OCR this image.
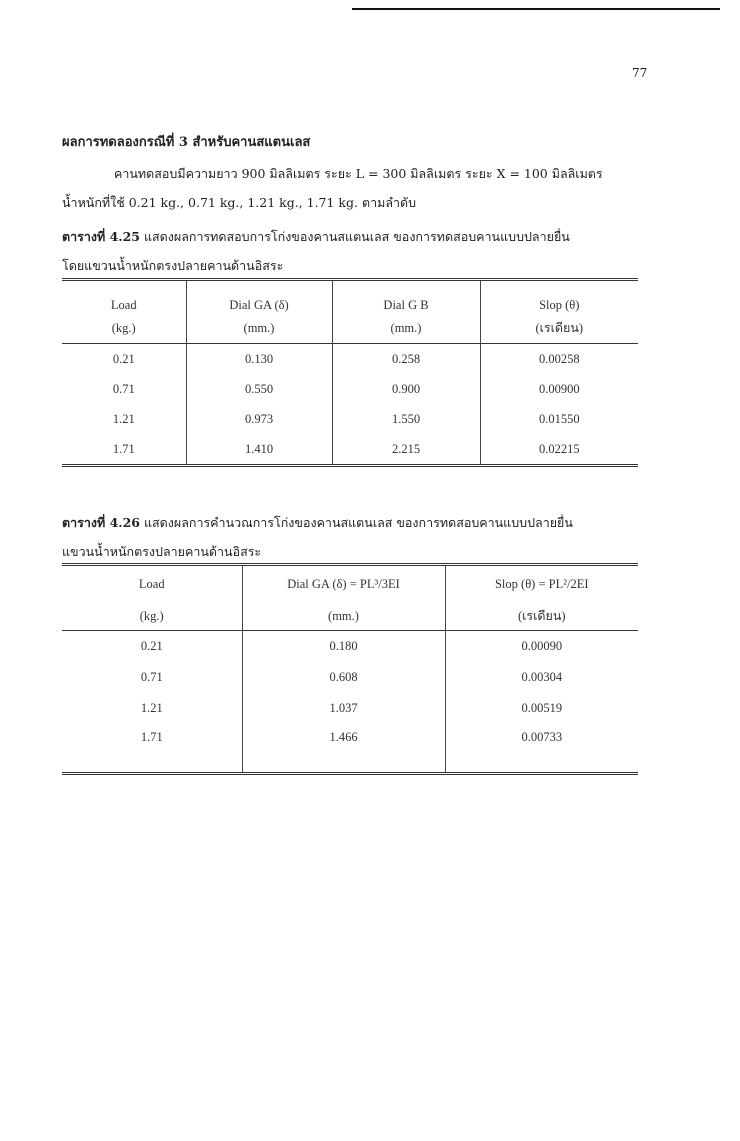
77
ผลการทดลองกรณีที่ 3 สำหรับคานสแตนเลส
คานทดสอบมีความยาว 900 มิลลิเมตร ระยะ L = 300 มิลลิเมตร ระยะ X = 100 มิลลิเมตร
น้ำหนักที่ใช้ 0.21 kg., 0.71 kg., 1.21 kg., 1.71 kg. ตามลำดับ
ตารางที่ 4.25 แสดงผลการทดสอบการโก่งของคานสแตนเลส ของการทดสอบคานแบบปลายยื่น
โดยแขวนน้ำหนักตรงปลายคานด้านอิสระ
Load	Dial GA (δ)	Dial G B	Slop (θ)
(kg.)	(mm.)	(mm.)	(เรเดียน)
0.21	0.130	0.258	0.00258
0.71	0.550	0.900	0.00900
1.21	0.973	1.550	0.01550
1.71	1.410	2.215	0.02215
ตารางที่ 4.26 แสดงผลการคำนวณการโก่งของคานสแตนเลส ของการทดสอบคานแบบปลายยื่น
แขวนน้ำหนักตรงปลายคานด้านอิสระ
Load	Dial GA (δ) = PL³/3EI	Slop (θ) = PL²/2EI
(kg.)	(mm.)	(เรเดียน)
0.21	0.180	0.00090
0.71	0.608	0.00304
1.21	1.037	0.00519
1.71	1.466	0.00733
